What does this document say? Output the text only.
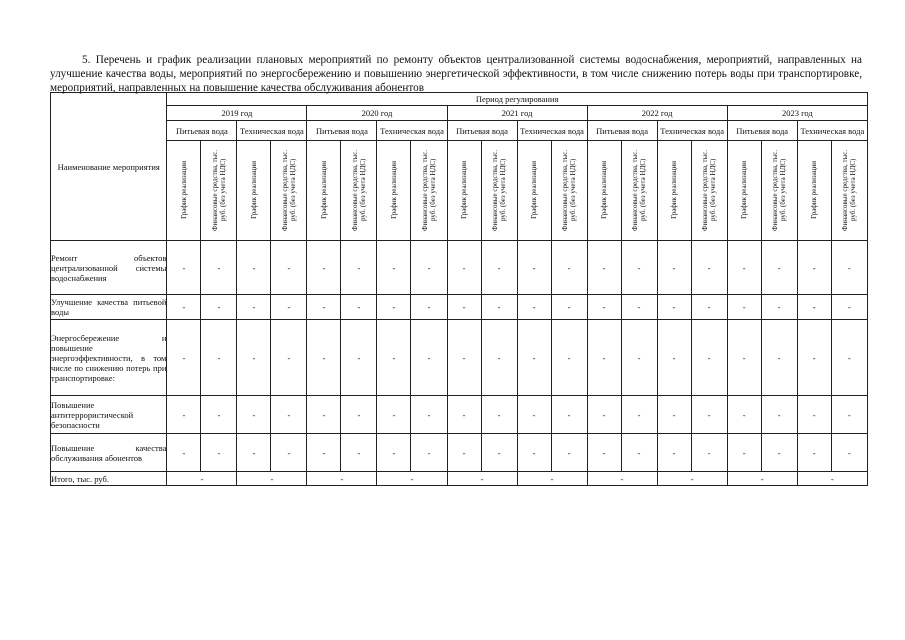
5. Перечень и график реализации плановых мероприятий по ремонту объектов централизованной системы водоснабжения, мероприятий, направленных на улучшение качества воды, мероприятий по энергосбережению и повышению энергетической эффективности, в том числе снижению потерь воды при транспортировке, мероприятий, направленных на повышение качества обслуживания абонентов

Наименование мероприятия	Период регулирования																			
	2019 год				2020 год				2021 год				2022 год				2023 год			
	Питьевая вода		Техническая вода		Питьевая вода		Техническая вода		Питьевая вода		Техническая вода		Питьевая вода		Техническая вода		Питьевая вода		Техническая вода	
	График реализации	Финансовые средства, тыс. руб. (без учета НДС)	График реализации	Финансовые средства, тыс. руб. (без учета НДС)	График реализации	Финансовые средства, тыс. руб. (без учета НДС)	График реализации	Финансовые средства, тыс. руб. (без учета НДС)	График реализации	Финансовые средства, тыс. руб. (без учета НДС)	График реализации	Финансовые средства, тыс. руб. (без учета НДС)	График реализации	Финансовые средства, тыс. руб. (без учета НДС)	График реализации	Финансовые средства, тыс. руб. (без учета НДС)	График реализации	Финансовые средства, тыс. руб. (без учета НДС)	График реализации	Финансовые средства, тыс. руб. (без учета НДС)
Ремонт объектов централизованной системы водоснабжения	-	-	-	-	-	-	-	-	-	-	-	-	-	-	-	-	-	-	-	-
Улучшение качества питьевой воды	-	-	-	-	-	-	-	-	-	-	-	-	-	-	-	-	-	-	-	-
Энергосбережение и повышение энергоэффективности, в том числе по снижению потерь при транспортировке:	-	-	-	-	-	-	-	-	-	-	-	-	-	-	-	-	-	-	-	-
Повышение антитеррористической безопасности	-	-	-	-	-	-	-	-	-	-	-	-	-	-	-	-	-	-	-	-
Повышение качества обслуживания абонентов	-	-	-	-	-	-	-	-	-	-	-	-	-	-	-	-	-	-	-	-
Итого, тыс. руб.	-		-		-		-		-		-		-		-		-		-	
